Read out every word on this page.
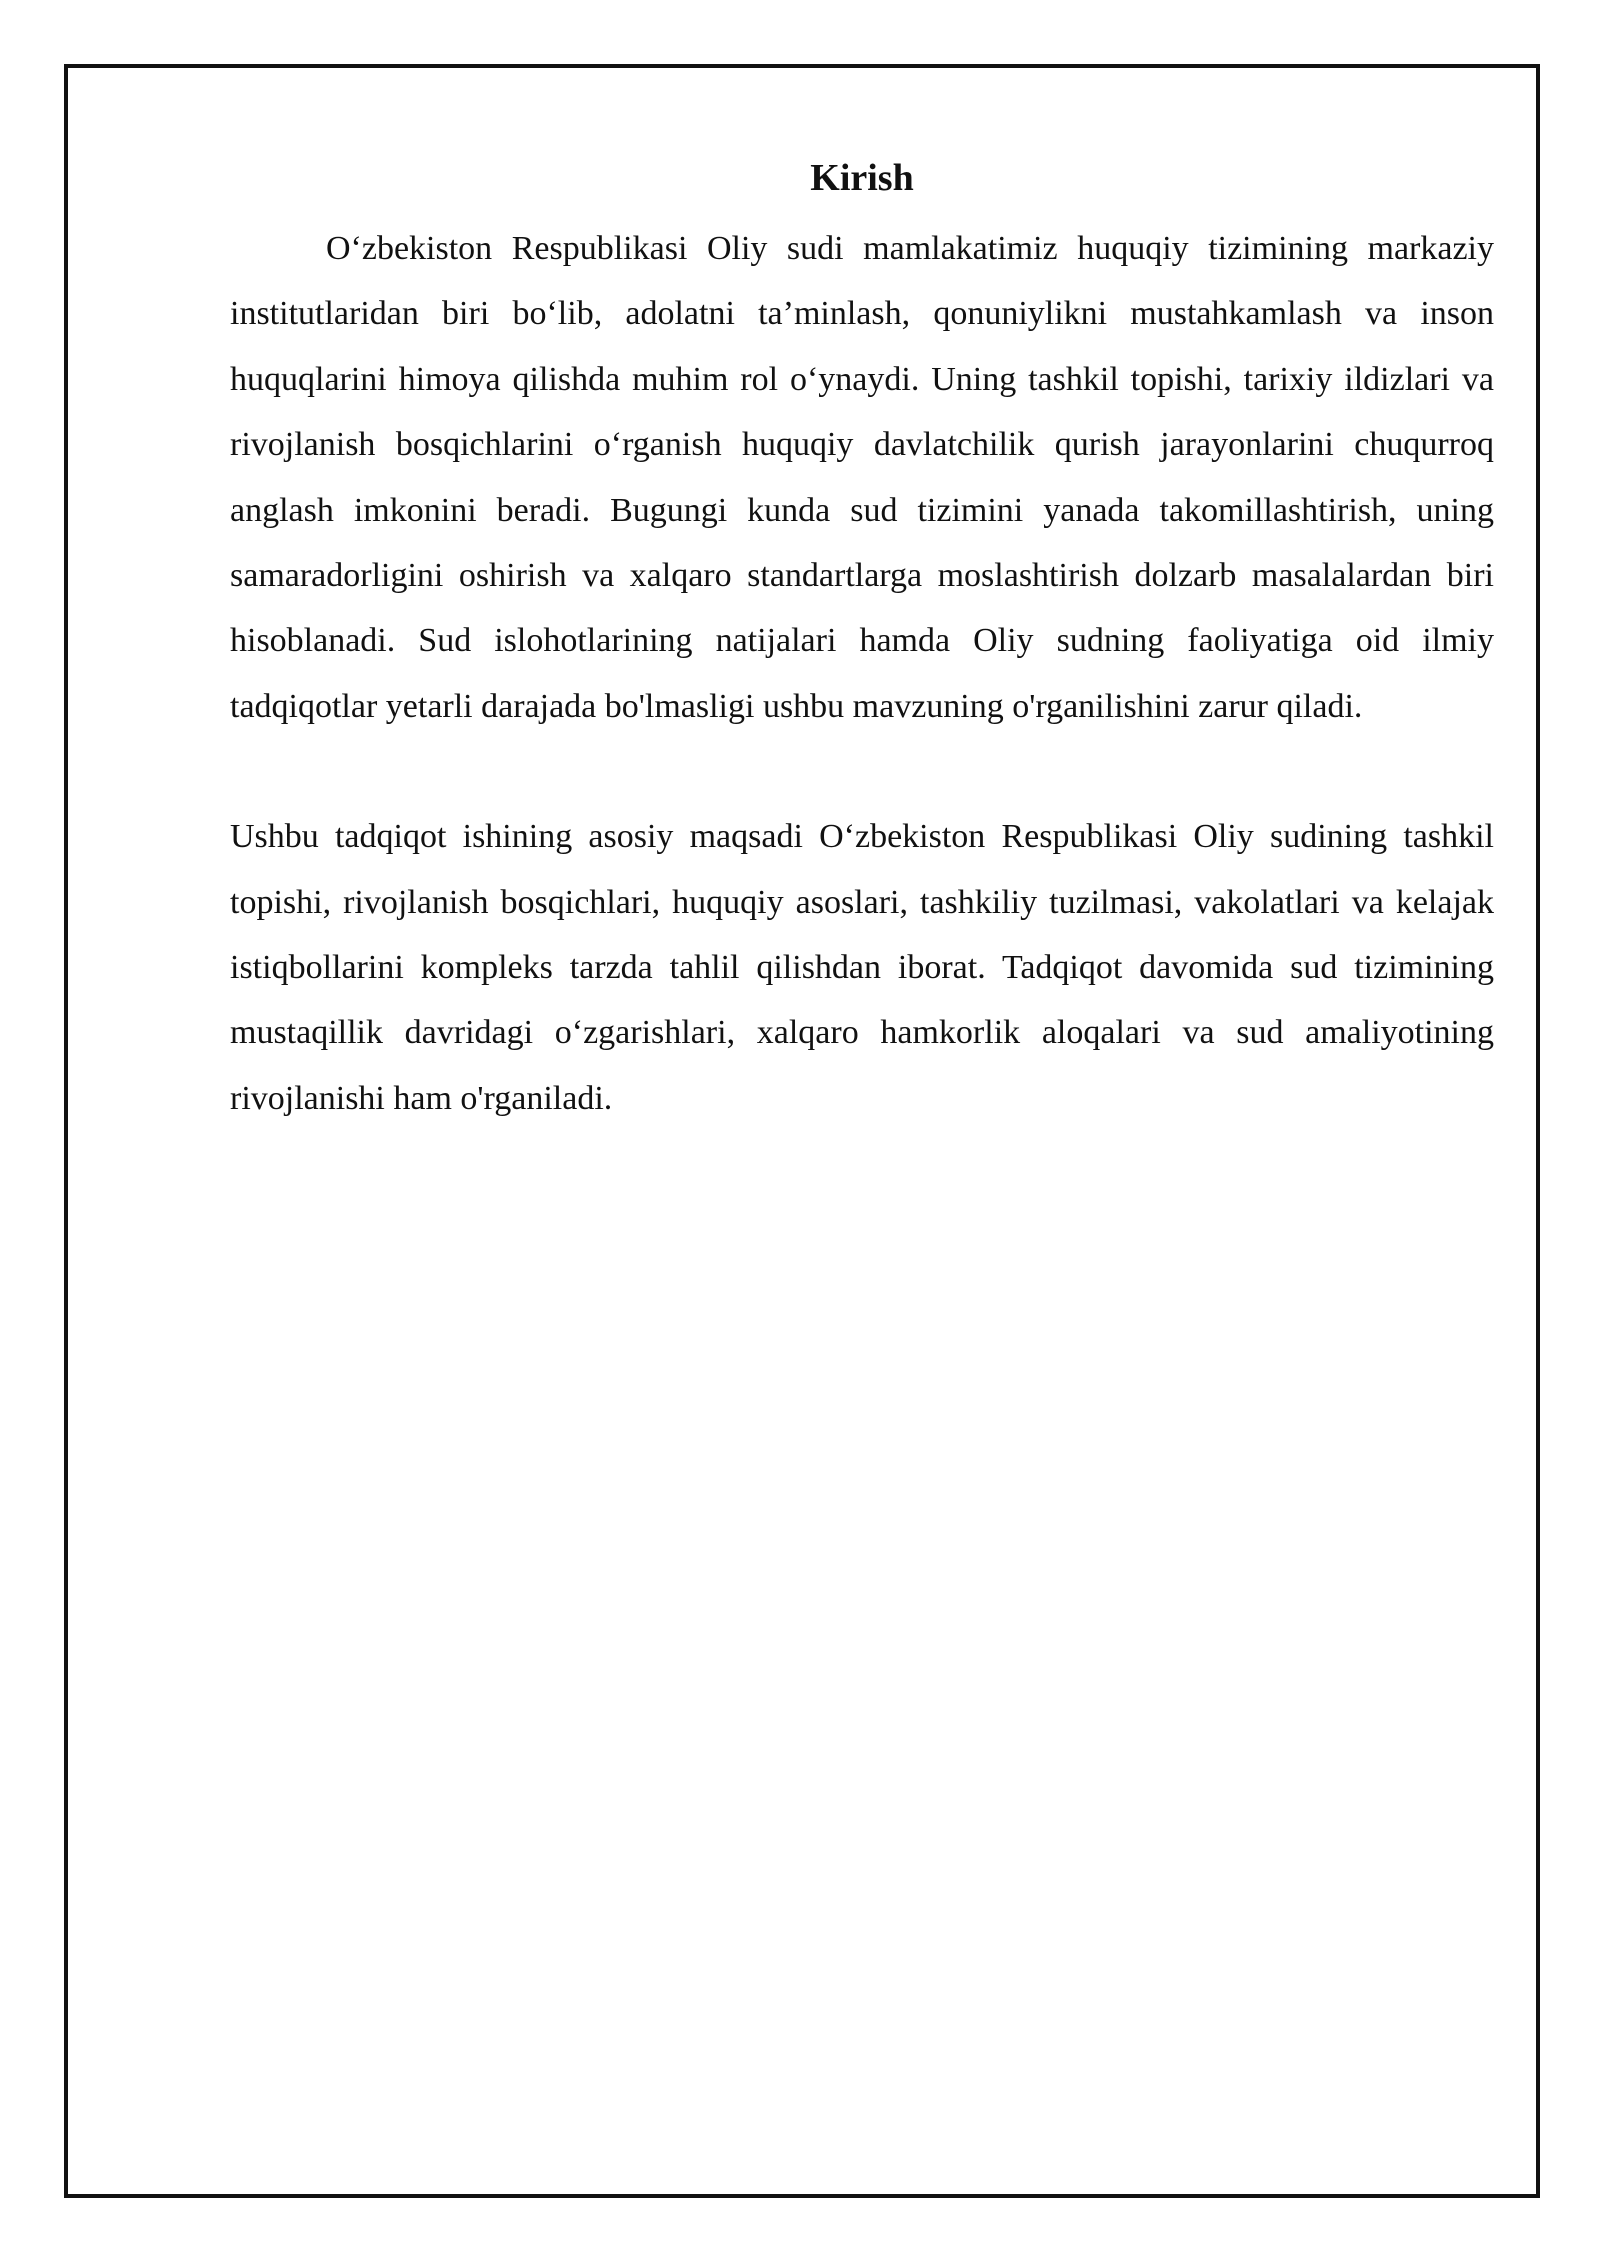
Kirish

O‘zbekiston Respublikasi Oliy sudi mamlakatimiz huquqiy tizimining markaziy institutlaridan biri bo‘lib, adolatni ta’minlash, qonuniylikni mustahkamlash va inson huquqlarini himoya qilishda muhim rol o‘ynaydi. Uning tashkil topishi, tarixiy ildizlari va rivojlanish bosqichlarini o‘rganish huquqiy davlatchilik qurish jarayonlarini chuqurroq anglash imkonini beradi. Bugungi kunda sud tizimini yanada takomillashtirish, uning samaradorligini oshirish va xalqaro standartlarga moslashtirish dolzarb masalalardan biri hisoblanadi. Sud islohotlarining natijalari hamda Oliy sudning faoliyatiga oid ilmiy tadqiqotlar yetarli darajada bo'lmasligi ushbu mavzuning o'rganilishini zarur qiladi.

Ushbu tadqiqot ishining asosiy maqsadi O‘zbekiston Respublikasi Oliy sudining tashkil topishi, rivojlanish bosqichlari, huquqiy asoslari, tashkiliy tuzilmasi, vakolatlari va kelajak istiqbollarini kompleks tarzda tahlil qilishdan iborat. Tadqiqot davomida sud tizimining mustaqillik davridagi o‘zgarishlari, xalqaro hamkorlik aloqalari va sud amaliyotining rivojlanishi ham o'rganiladi.
